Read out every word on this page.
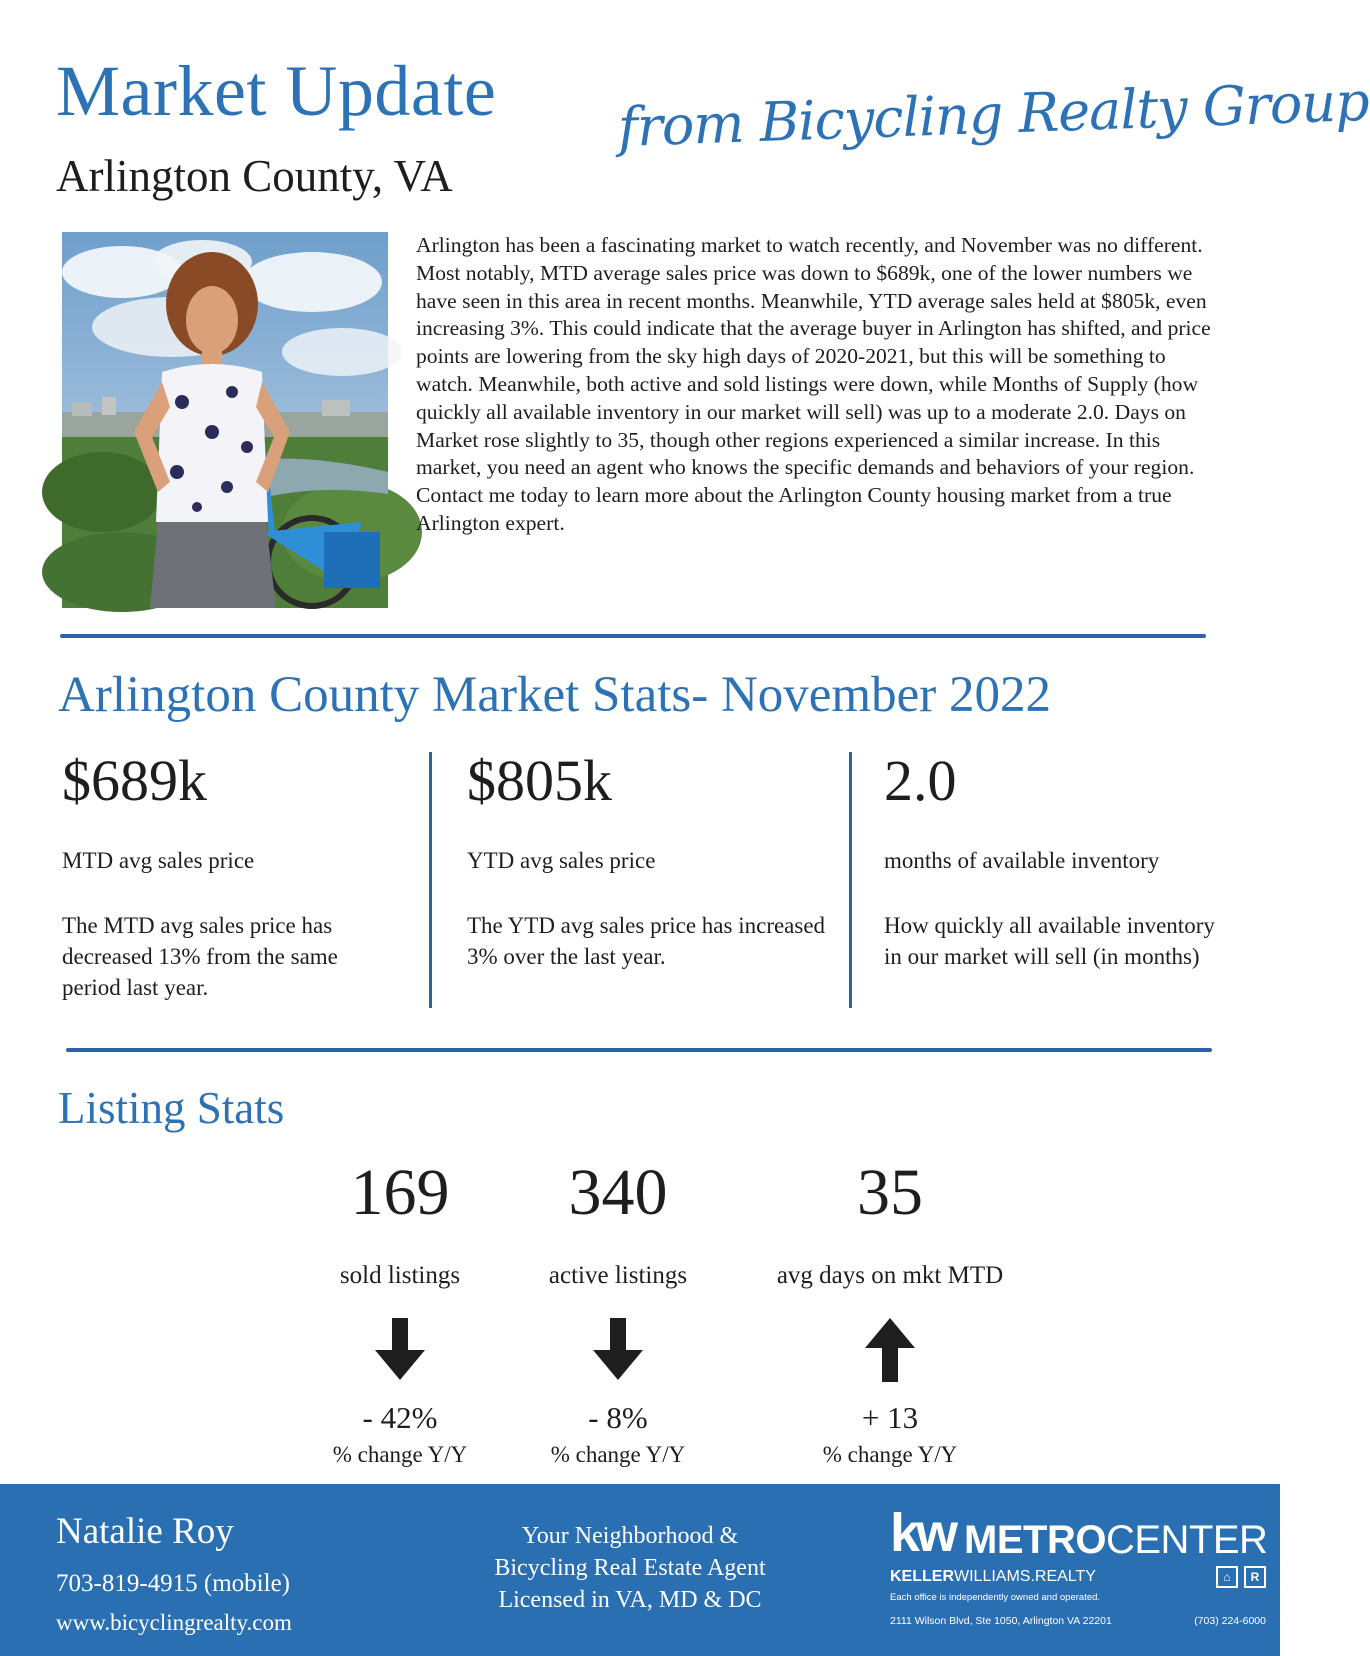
Market Update
Arlington County, VA
from Bicycling Realty Group
Arlington has been a fascinating market to watch recently, and November was no different. Most notably, MTD average sales price was down to $689k, one of the lower numbers we have seen in this area in recent months. Meanwhile, YTD average sales held at $805k, even increasing 3%. This could indicate that the average buyer in Arlington has shifted, and price points are lowering from the sky high days of 2020-2021, but this will be something to watch. Meanwhile, both active and sold listings were down, while Months of Supply (how quickly all available inventory in our market will sell) was up to a moderate 2.0. Days on Market rose slightly to 35, though other regions experienced a similar increase. In this market, you need an agent who knows the specific demands and behaviors of your region. Contact me today to learn more about the Arlington County housing market from a true Arlington expert.
Arlington County Market Stats- November 2022
$689k
MTD avg sales price
The MTD avg sales price has decreased 13% from the same period last year.
$805k
YTD avg sales price
The YTD avg sales price has increased 3% over the last year.
2.0
months of available inventory
How quickly all available inventory in our market will sell (in months)
Listing Stats
169
sold listings
- 42%
% change Y/Y
340
active listings
- 8%
% change Y/Y
35
avg days on mkt MTD
+ 13
% change Y/Y
Natalie Roy
703-819-4915 (mobile)
www.bicyclingrealty.com
Your Neighborhood &
Bicycling Real Estate Agent
Licensed in VA, MD & DC
kw METROCENTER
KELLERWILLIAMS.REALTY	⌂	R
Each office is independently owned and operated.
2111 Wilson Blvd, Ste 1050, Arlington VA 22201	(703) 224-6000
